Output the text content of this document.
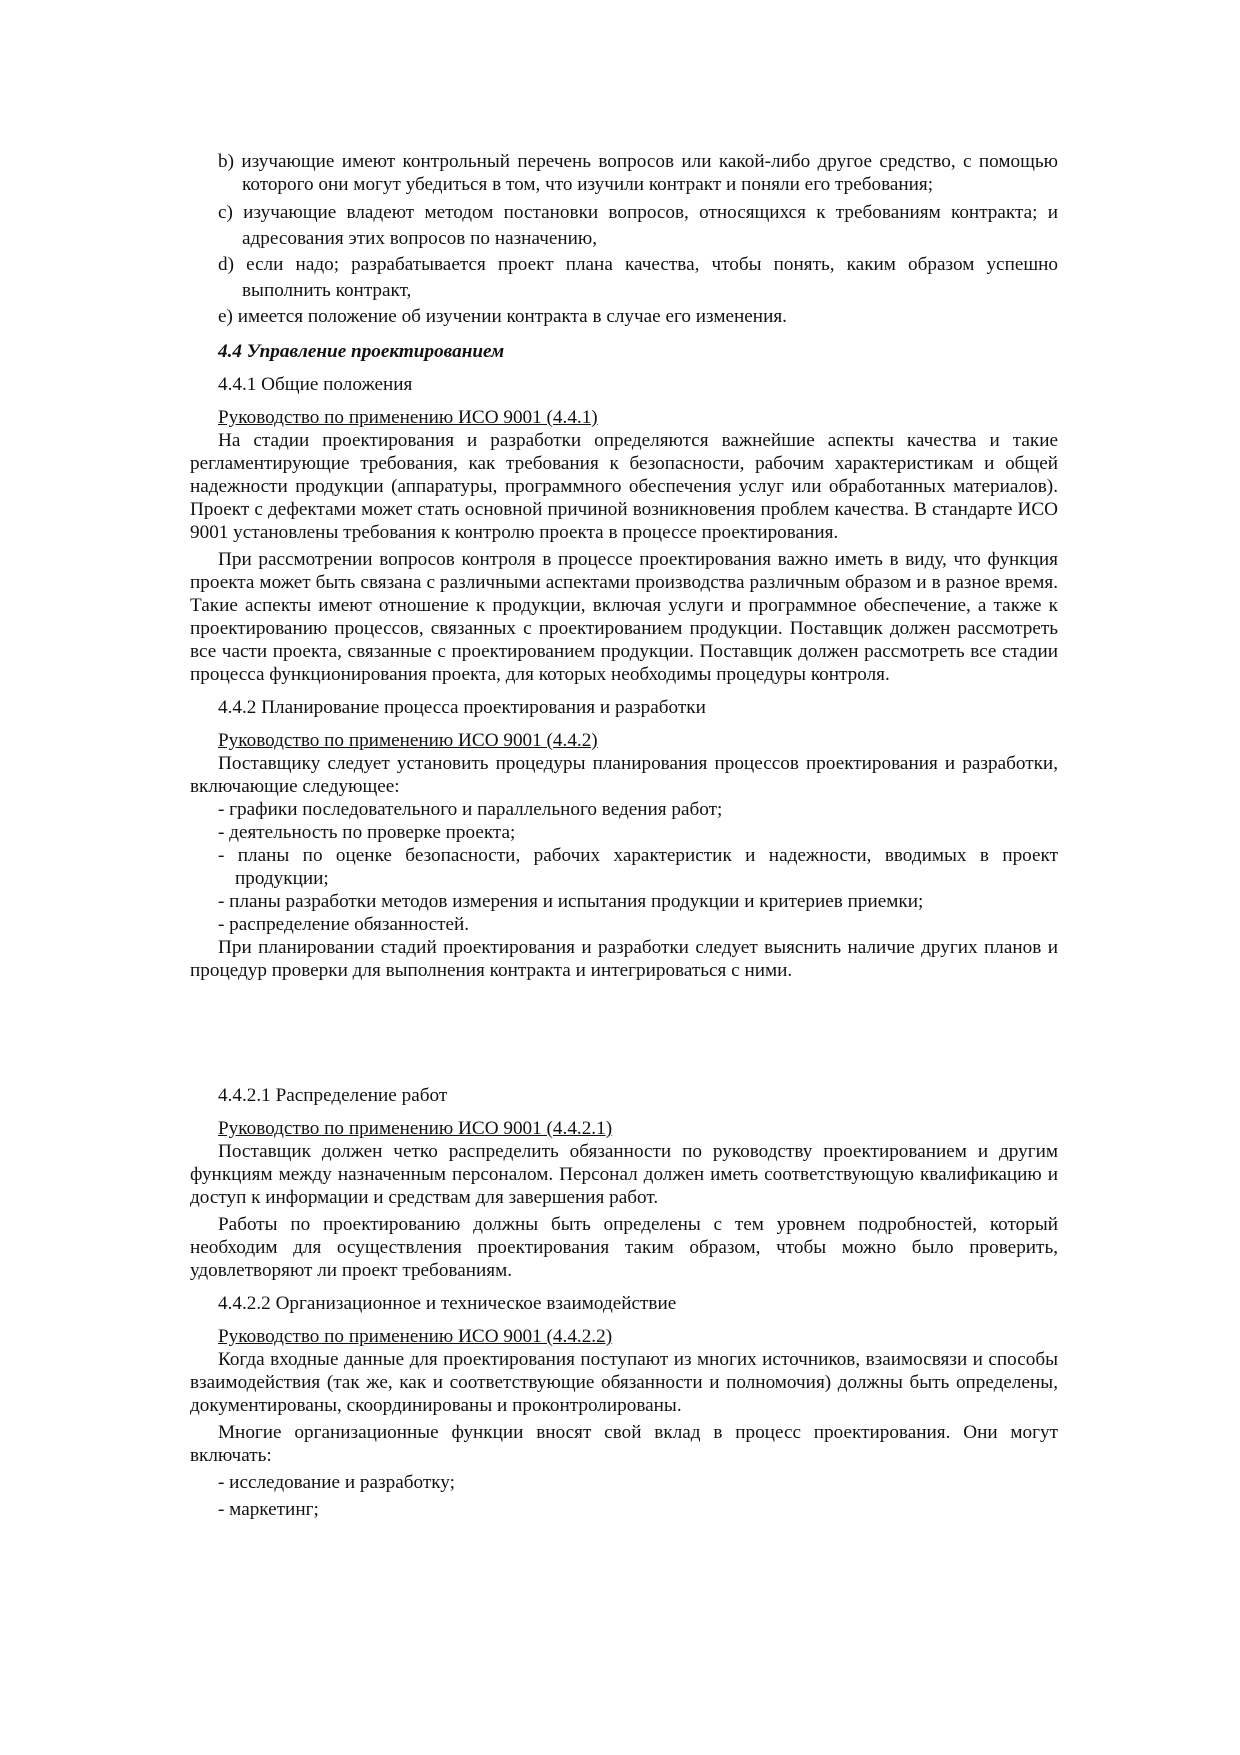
b) изучающие имеют контрольный перечень вопросов или какой-либо другое средство, с помощью которого они могут убедиться в том, что изучили контракт и поняли его требования;

c) изучающие владеют методом постановки вопросов, относящихся к требованиям контракта; и адресования этих вопросов по назначению,

d) если надо; разрабатывается проект плана качества, чтобы понять, каким образом успешно выполнить контракт,

e) имеется положение об изучении контракта в случае его изменения.

4.4 Управление проектированием

4.4.1 Общие положения

Руководство по применению ИСО 9001 (4.4.1)

На стадии проектирования и разработки определяются важнейшие аспекты качества и такие регламентирующие требования, как требования к безопасности, рабочим характеристикам и общей надежности продукции (аппаратуры, программного обеспечения услуг или обработанных материалов). Проект с дефектами может стать основной причиной возникновения проблем качества. В стандарте ИСО 9001 установлены требования к контролю проекта в процессе проектирования.

При рассмотрении вопросов контроля в процессе проектирования важно иметь в виду, что функция проекта может быть связана с различными аспектами производства различным образом и в разное время. Такие аспекты имеют отношение к продукции, включая услуги и программное обеспечение, а также к проектированию процессов, связанных с проектированием продукции. Поставщик должен рассмотреть все части проекта, связанные с проектированием продукции. Поставщик должен рассмотреть все стадии процесса функционирования проекта, для которых необходимы процедуры контроля.

4.4.2 Планирование процесса проектирования и разработки

Руководство по применению ИСО 9001 (4.4.2)

Поставщику следует установить процедуры планирования процессов проектирования и разработки, включающие следующее:

- графики последовательного и параллельного ведения работ;

- деятельность по проверке проекта;

- планы по оценке безопасности, рабочих характеристик и надежности, вводимых в проект продукции;

- планы разработки методов измерения и испытания продукции и критериев приемки;

- распределение обязанностей.

При планировании стадий проектирования и разработки следует выяснить наличие других планов и процедур проверки для выполнения контракта и интегрироваться с ними.

4.4.2.1 Распределение работ

Руководство по применению ИСО 9001 (4.4.2.1)

Поставщик должен четко распределить обязанности по руководству проектированием и другим функциям между назначенным персоналом. Персонал должен иметь соответствующую квалификацию и доступ к информации и средствам для завершения работ.

Работы по проектированию должны быть определены с тем уровнем подробностей, который необходим для осуществления проектирования таким образом, чтобы можно было проверить, удовлетворяют ли проект требованиям.

4.4.2.2 Организационное и техническое взаимодействие

Руководство по применению ИСО 9001 (4.4.2.2)

Когда входные данные для проектирования поступают из многих источников, взаимосвязи и способы взаимодействия (так же, как и соответствующие обязанности и полномочия) должны быть определены, документированы, скоординированы и проконтролированы.

Многие организационные функции вносят свой вклад в процесс проектирования. Они могут включать:

- исследование и разработку;

- маркетинг;
